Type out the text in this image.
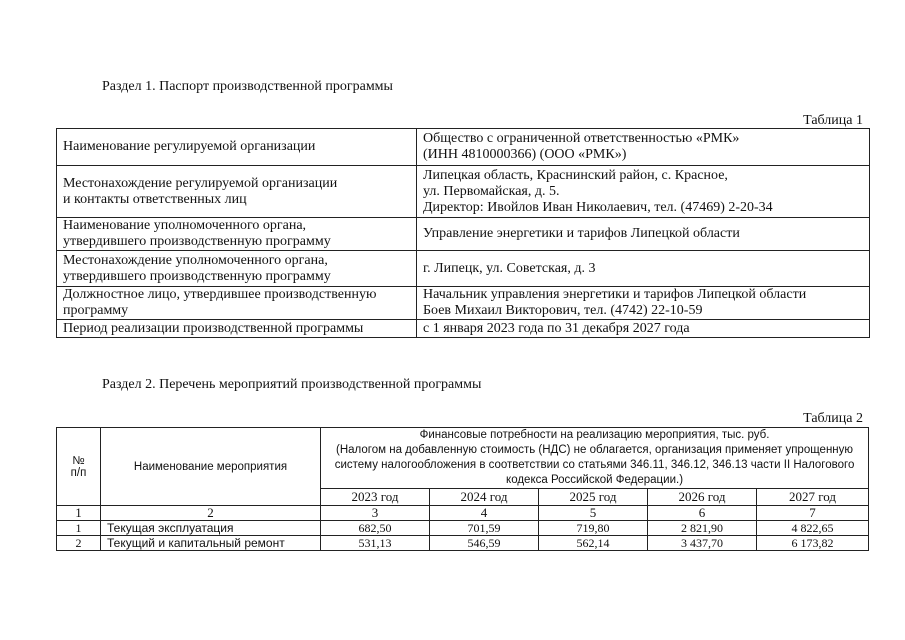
Раздел 1. Паспорт производственной программы
Таблица 1
Наименование регулируемой организации	Общество с ограниченной ответственностью «РМК»
(ИНН 4810000366) (ООО «РМК»)

Местонахождение регулируемой организации
и контакты ответственных лиц	Липецкая область, Краснинский район, с. Красное,
ул. Первомайская, д. 5.
Директор: Ивойлов Иван Николаевич, тел. (47469) 2-20-34

Наименование уполномоченного органа,
утвердившего производственную программу	Управление энергетики и тарифов Липецкой области

Местонахождение уполномоченного органа,
утвердившего производственную программу	г. Липецк, ул. Советская, д. 3

Должностное лицо, утвердившее производственную
программу	Начальник управления энергетики и тарифов Липецкой области
Боев Михаил Викторович, тел. (4742) 22-10-59

Период реализации производственной программы	с 1 января 2023 года по 31 декабря 2027 года
Раздел 2. Перечень мероприятий производственной программы
Таблица 2
№
п/п	Наименование мероприятия	Финансовые потребности на реализацию мероприятия, тыс. руб.
(Налогом на добавленную стоимость (НДС) не облагается, организация применяет упрощенную
систему налогообложения в соответствии со статьями 346.11, 346.12, 346.13 части II Налогового
кодекса Российской Федерации.)				

		2023 год	2024 год	2025 год	2026 год	2027 год
1	2	3	4	5	6	7
1	Текущая эксплуатация	682,50	701,59	719,80	2 821,90	4 822,65
2	Текущий и капитальный ремонт	531,13	546,59	562,14	3 437,70	6 173,82
